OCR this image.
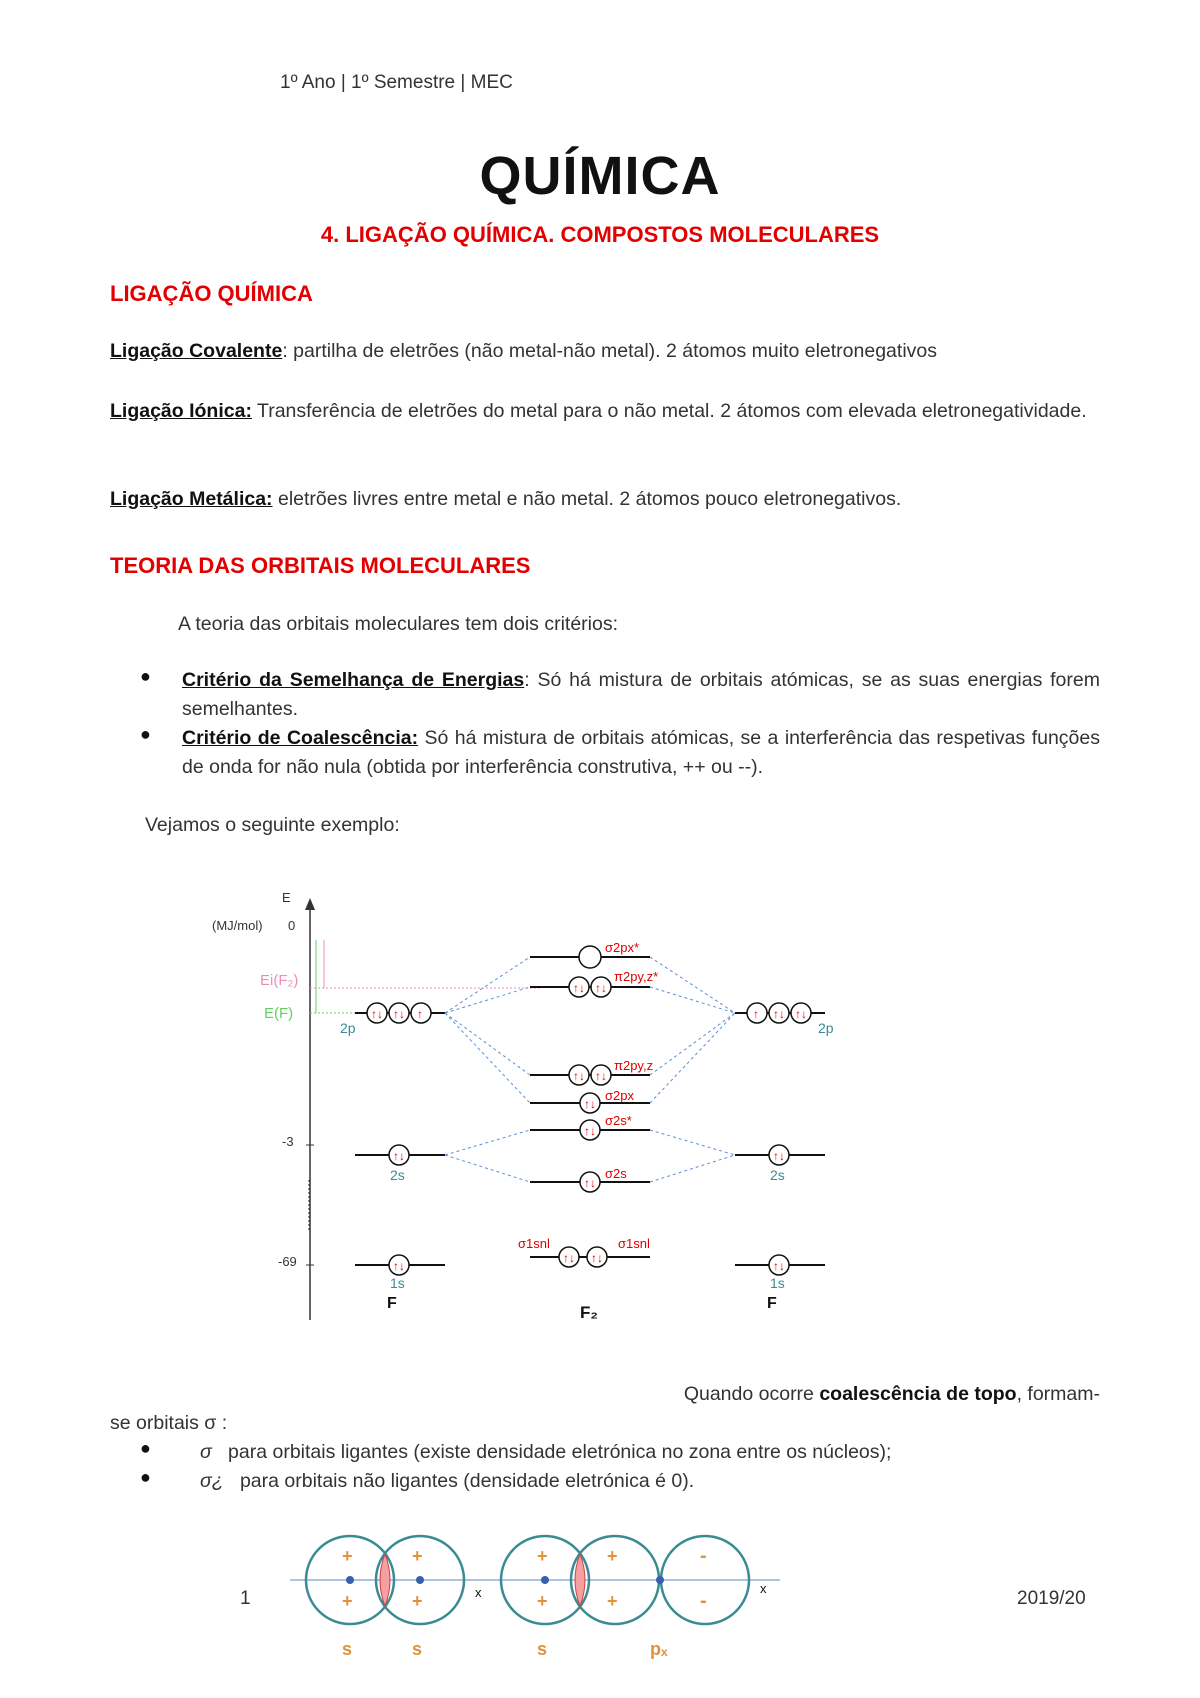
1º Ano | 1º Semestre | MEC
QUÍMICA
4. LIGAÇÃO QUÍMICA. COMPOSTOS MOLECULARES
LIGAÇÃO QUÍMICA
Ligação Covalente: partilha de eletrões (não metal-não metal). 2 átomos muito eletronegativos
Ligação Iónica: Transferência de eletrões do metal para o não metal. 2 átomos com elevada eletronegatividade.
Ligação Metálica: eletrões livres entre metal e não metal. 2 átomos pouco eletronegativos.
TEORIA DAS ORBITAIS MOLECULARES
A teoria das orbitais moleculares tem dois critérios:
● Critério da Semelhança de Energias: Só há mistura de orbitais atómicas, se as suas energias forem semelhantes.
● Critério de Coalescência: Só há mistura de orbitais atómicas, se a interferência das respetivas funções de onda for não nula (obtida por interferência construtiva, ++ ou --).
Vejamos o seguinte exemplo:
E
(MJ/mol) 0
-3
-69
Ei(F₂)
E(F)	↑↓ ↑↓ ↑
2p
↑↓
2s
↑↓
1s
F
↑ ↑↓ ↑↓
2p
↑↓
2s
↑↓
1s
F
σ2px*
↑↓ ↑↓
π2py,z*
↑↓ ↑↓
π2py,z
↑↓
σ2px
↑↓
σ2s*
↑↓
σ2s
↑↓ ↑↓
σ1snl	σ1snl
F₂
Quando ocorre coalescência de topo, formam-
se orbitais σ :
●	σ para orbitais ligantes (existe densidade eletrónica no zona entre os núcleos);
●	σ¿ para orbitais não ligantes (densidade eletrónica é 0).
+
+
+
+
+
+
+
+
-
-
x	x
s	s	s	pₓ
1	2019/20
